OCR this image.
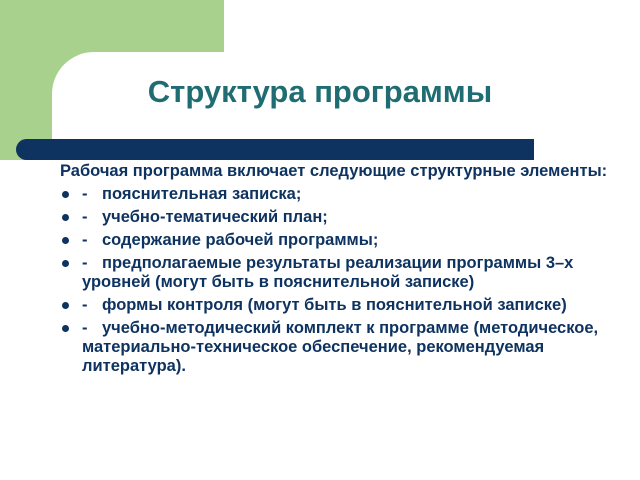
Структура программы

Рабочая программа включает следующие структурные элементы:

- пояснительная записка;
- учебно-тематический план;
- содержание рабочей программы;
- предполагаемые результаты реализации программы 3–х уровней (могут быть в пояснительной записке)
- формы контроля (могут быть в пояснительной записке)
- учебно-методический комплект к программе (методическое, материально-техническое обеспечение, рекомендуемая литература).
